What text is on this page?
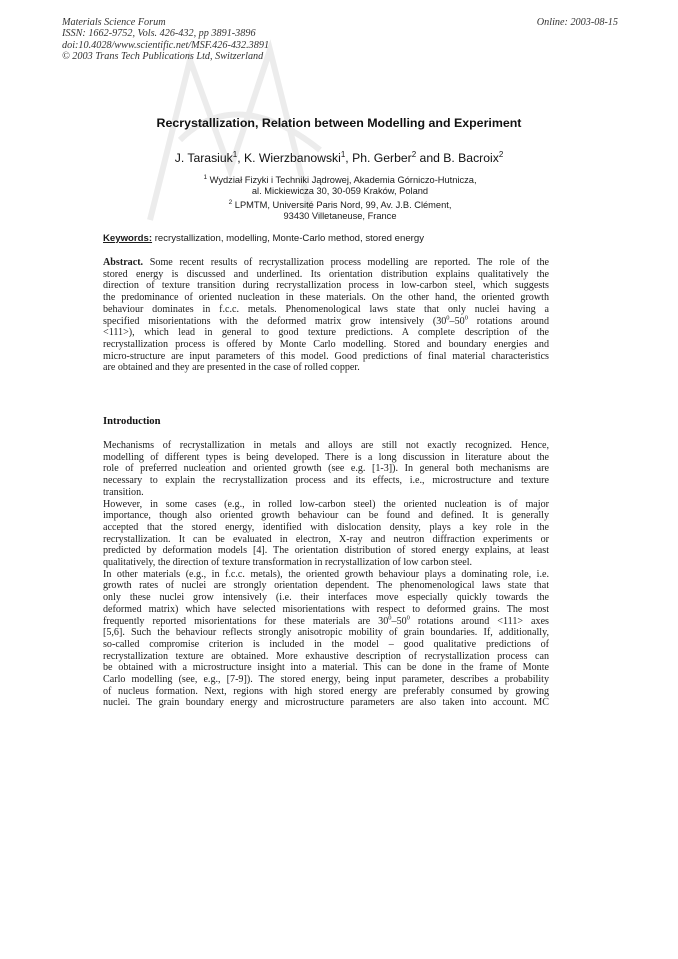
Materials Science Forum
ISSN: 1662-9752, Vols. 426-432, pp 3891-3896
doi:10.4028/www.scientific.net/MSF.426-432.3891
© 2003 Trans Tech Publications Ltd, Switzerland
Online: 2003-08-15
Recrystallization, Relation between Modelling and Experiment
J. Tarasiuk$^1$, K. Wierzbanowski$^1$, Ph. Gerber$^2$ and B. Bacroix$^2$
$^1$ Wydział Fizyki i Techniki Jądrowej, Akademia Górniczo-Hutnicza,
al. Mickiewicza 30, 30-059 Kraków, Poland
$^2$ LPMTM, Université Paris Nord, 99, Av. J.B. Clément,
93430 Villetaneuse, France
Keywords: recrystallization, modelling, Monte-Carlo method, stored energy
Abstract. Some recent results of recrystallization process modelling are reported. The role of the
stored energy is discussed and underlined. Its orientation distribution explains qualitatively the
direction of texture transition during recrystallization process in low-carbon steel, which suggests
the predominance of oriented nucleation in these materials. On the other hand, the oriented growth
behaviour dominates in f.c.c. metals. Phenomenological laws state that only nuclei having a
specified misorientations with the deformed matrix grow intensively ($30^0-50^0$ rotations around
<111>), which lead in general to good texture predictions. A complete description of the
recrystallization process is offered by Monte Carlo modelling. Stored and boundary energies and
micro-structure are input parameters of this model. Good predictions of final material characteristics
are obtained and they are presented in the case of rolled copper.
Introduction
Mechanisms of recrystallization in metals and alloys are still not exactly recognized. Hence,
modelling of different types is being developed. There is a long discussion in literature about the
role of preferred nucleation and oriented growth (see e.g. [1-3]). In general both mechanisms are
necessary to explain the recrystallization process and its effects, i.e., microstructure and texture
transition.
However, in some cases (e.g., in rolled low-carbon steel) the oriented nucleation is of major
importance, though also oriented growth behaviour can be found and defined. It is generally
accepted that the stored energy, identified with dislocation density, plays a key role in the
recrystallization. It can be evaluated in electron, X-ray and neutron diffraction experiments or
predicted by deformation models [4]. The orientation distribution of stored energy explains, at least
qualitatively, the direction of texture transformation in recrystallization of low carbon steel.
In other materials (e.g., in f.c.c. metals), the oriented growth behaviour plays a dominating role, i.e.
growth rates of nuclei are strongly orientation dependent. The phenomenological laws state that
only these nuclei grow intensively (i.e. their interfaces move especially quickly towards the
deformed matrix) which have selected misorientations with respect to deformed grains. The most
frequently reported misorientations for these materials are $30^0-50^0$ rotations around <111> axes
[5,6]. Such the behaviour reflects strongly anisotropic mobility of grain boundaries. If, additionally,
so-called compromise criterion is included in the model – good qualitative predictions of
recrystallization texture are obtained. More exhaustive description of recrystallization process can
be obtained with a microstructure insight into a material. This can be done in the frame of Monte
Carlo modelling (see, e.g., [7-9]). The stored energy, being input parameter, describes a probability
of nucleus formation. Next, regions with high stored energy are preferably consumed by growing
nuclei. The grain boundary energy and microstructure parameters are also taken into account. MC
